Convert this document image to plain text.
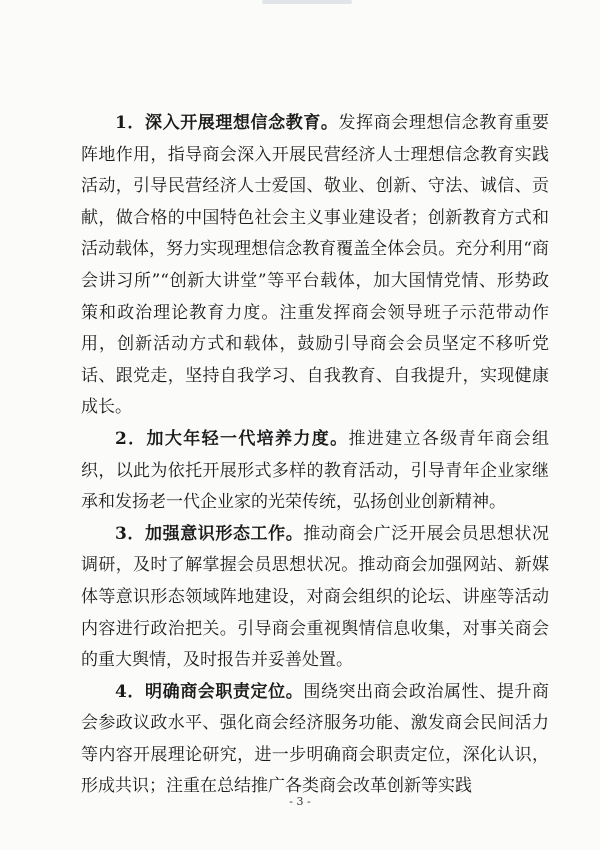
1．深入开展理想信念教育。发挥商会理想信念教育重要阵地作用，指导商会深入开展民营经济人士理想信念教育实践活动，引导民营经济人士爱国、敬业、创新、守法、诚信、贡献，做合格的中国特色社会主义事业建设者；创新教育方式和活动载体，努力实现理想信念教育覆盖全体会员。充分利用“商会讲习所”“创新大讲堂”等平台载体，加大国情党情、形势政策和政治理论教育力度。注重发挥商会领导班子示范带动作用，创新活动方式和载体，鼓励引导商会会员坚定不移听党话、跟党走，坚持自我学习、自我教育、自我提升，实现健康成长。

2．加大年轻一代培养力度。推进建立各级青年商会组织，以此为依托开展形式多样的教育活动，引导青年企业家继承和发扬老一代企业家的光荣传统，弘扬创业创新精神。

3．加强意识形态工作。推动商会广泛开展会员思想状况调研，及时了解掌握会员思想状况。推动商会加强网站、新媒体等意识形态领域阵地建设，对商会组织的论坛、讲座等活动内容进行政治把关。引导商会重视舆情信息收集，对事关商会的重大舆情，及时报告并妥善处置。

4．明确商会职责定位。围绕突出商会政治属性、提升商会参政议政水平、强化商会经济服务功能、激发商会民间活力等内容开展理论研究，进一步明确商会职责定位，深化认识，形成共识；注重在总结推广各类商会改革创新等实践

- 3 -
